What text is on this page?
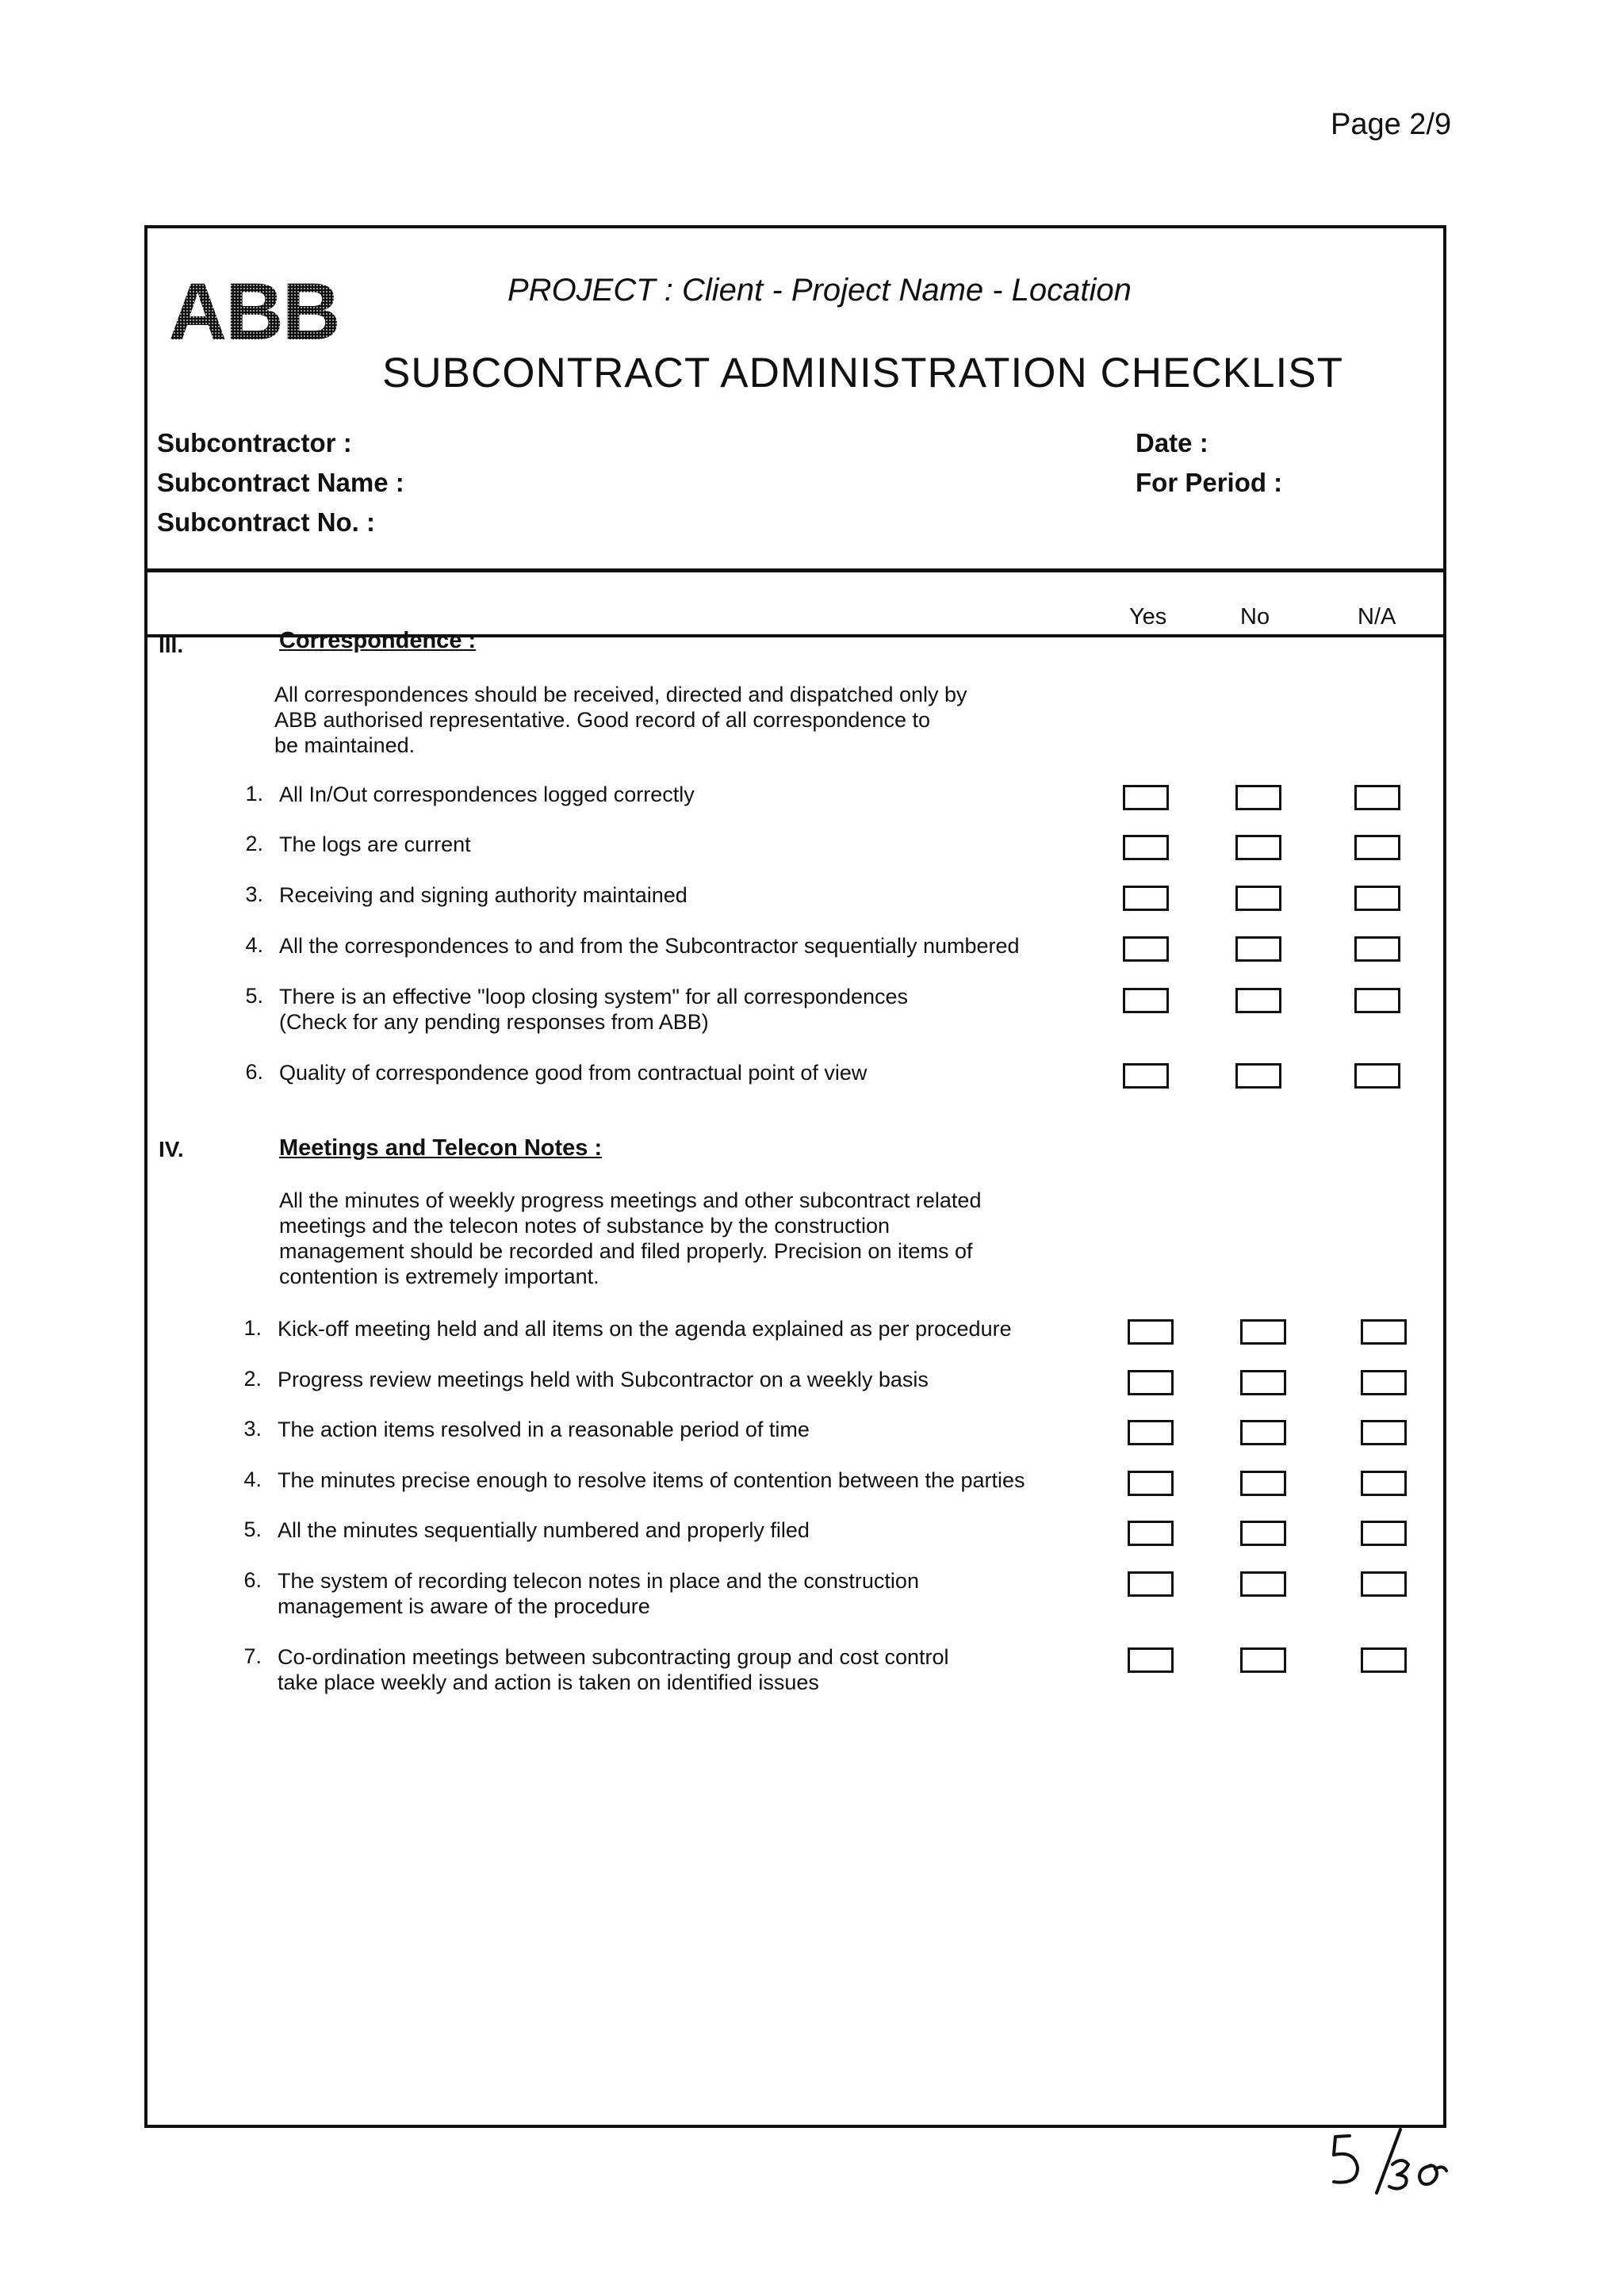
Page 2/9
ABB	PROJECT : Client - Project Name - Location
SUBCONTRACT ADMINISTRATION CHECKLIST
Subcontractor :
Subcontract Name :
Subcontract No. :
Date :
For Period :
Yes	No	N/A
III.	Correspondence :
All correspondences should be received, directed and dispatched only by
ABB authorised representative. Good record of all correspondence to
be maintained.
1. All In/Out correspondences logged correctly
2. The logs are current
3. Receiving and signing authority maintained
4. All the correspondences to and from the Subcontractor sequentially numbered
5. There is an effective "loop closing system" for all correspondences
(Check for any pending responses from ABB)
6. Quality of correspondence good from contractual point of view
IV.	Meetings and Telecon Notes :
All the minutes of weekly progress meetings and other subcontract related
meetings and the telecon notes of substance by the construction
management should be recorded and filed properly. Precision on items of
contention is extremely important.
1. Kick-off meeting held and all items on the agenda explained as per procedure
2. Progress review meetings held with Subcontractor on a weekly basis
3. The action items resolved in a reasonable period of time
4. The minutes precise enough to resolve items of contention between the parties
5. All the minutes sequentially numbered and properly filed
6. The system of recording telecon notes in place and the construction
management is aware of the procedure
7. Co-ordination meetings between subcontracting group and cost control
take place weekly and action is taken on identified issues
